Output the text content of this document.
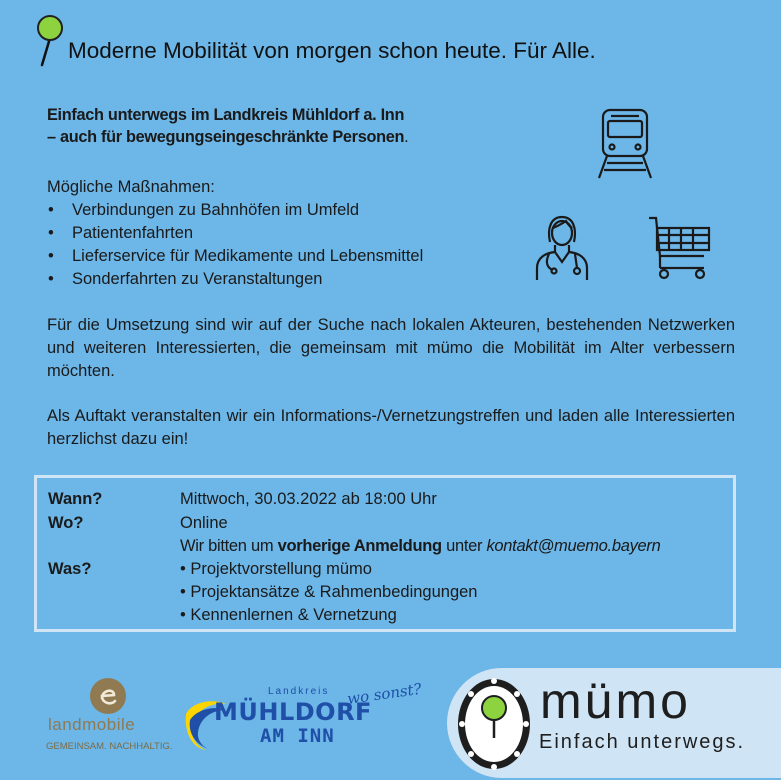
Moderne Mobilität von morgen schon heute. Für Alle.
Einfach unterwegs im Landkreis Mühldorf a. Inn
– auch für bewegungseingeschränkte Personen.
Mögliche Maßnahmen:
• Verbindungen zu Bahnhöfen im Umfeld
• Patientenfahrten
• Lieferservice für Medikamente und Lebensmittel
• Sonderfahrten zu Veranstaltungen
Für die Umsetzung sind wir auf der Suche nach lokalen Akteuren, bestehenden Netzwerken und weiteren Interessierten, die gemeinsam mit mümo die Mobilität im Alter verbessern möchten.
Als Auftakt veranstalten wir ein Informations-/Vernetzungstreffen und laden alle Interessierten herzlichst dazu ein!
Wann?	Mittwoch, 30.03.2022 ab 18:00 Uhr
Wo?	Online
Wir bitten um vorherige Anmeldung unter kontakt@muemo.bayern
Was?	• Projektvorstellung mümo
• Projektansätze & Rahmenbedingungen
• Kennenlernen & Vernetzung
landmobile
GEMEINSAM. NACHHALTIG.
Landkreis
MÜHLDORF
AM INN
wo sonst? mümo
Einfach unterwegs.
